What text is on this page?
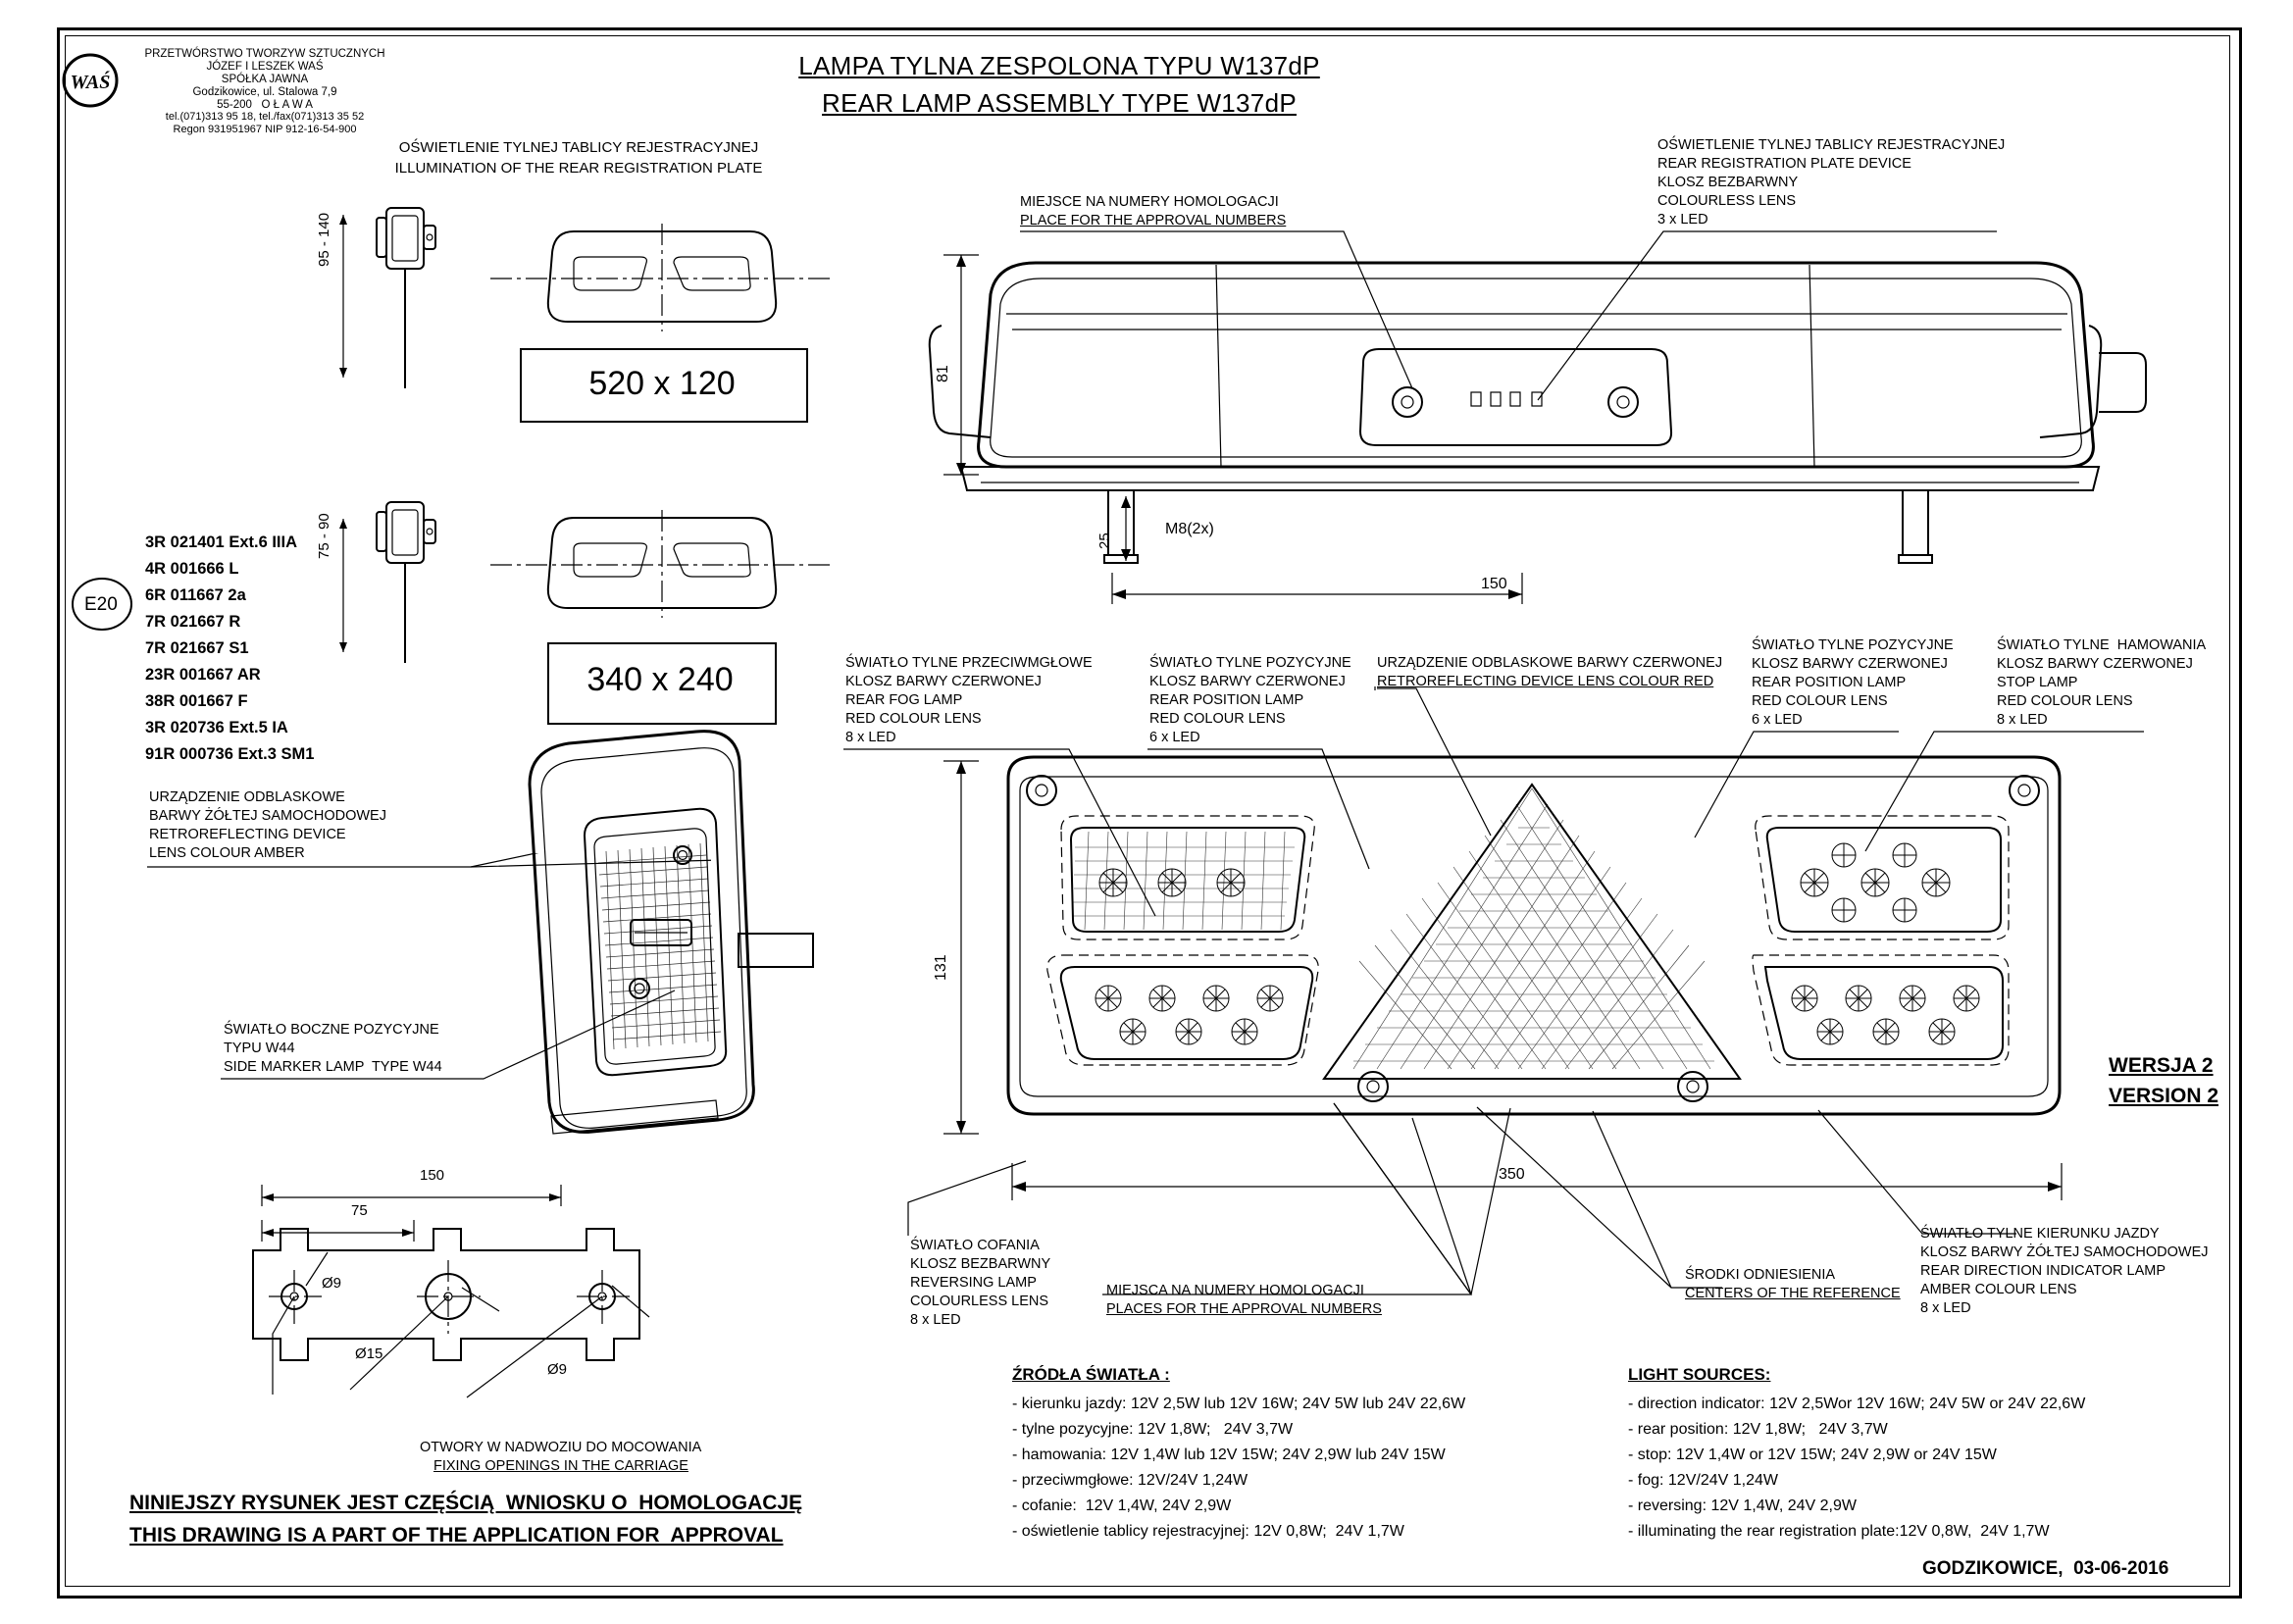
WAŚ
PRZETWÓRSTWO TWORZYW SZTUCZNYCH
JÓZEF I LESZEK WAŚ
SPÓŁKA JAWNA
Godzikowice, ul. Stalowa 7,9
55-200   O Ł A W A
tel.(071)313 95 18, tel./fax(071)313 35 52
Regon 931951967 NIP 912-16-54-900
LAMPA TYLNA ZESPOLONA TYPU W137dP
REAR LAMP ASSEMBLY TYPE W137dP
OŚWIETLENIE TYLNEJ TABLICY REJESTRACYJNEJ
ILLUMINATION OF THE REAR REGISTRATION PLATE
95 - 140
520 x 120
75 - 90
340 x 240
E20
3R 021401 Ext.6 IIIA
4R 001666 L
6R 011667 2a
7R 021667 R
7R 021667 S1
23R 001667 AR
38R 001667 F
3R 020736 Ext.5 IA
91R 000736 Ext.3 SM1
URZĄDZENIE ODBLASKOWE
BARWY ŻÓŁTEJ SAMOCHODOWEJ
RETROREFLECTING DEVICE
LENS COLOUR AMBER
ŚWIATŁO BOCZNE POZYCYJNE
TYPU W44
SIDE MARKER LAMP  TYPE W44
150
75
Ø9
Ø15
Ø9
OTWORY W NADWOZIU DO MOCOWANIA
FIXING OPENINGS IN THE CARRIAGE
NINIEJSZY RYSUNEK JEST CZĘŚCIĄ  WNIOSKU O  HOMOLOGACJĘ
THIS DRAWING IS A PART OF THE APPLICATION FOR  APPROVAL
81
25
M8(2x)
150
MIEJSCE NA NUMERY HOMOLOGACJI
PLACE FOR THE APPROVAL NUMBERS
OŚWIETLENIE TYLNEJ TABLICY REJESTRACYJNEJ
REAR REGISTRATION PLATE DEVICE
KLOSZ BEZBARWNY
COLOURLESS LENS
3 x LED
ŚWIATŁO TYLNE PRZECIWMGŁOWE
KLOSZ BARWY CZERWONEJ
REAR FOG LAMP
RED COLOUR LENS
8 x LED
ŚWIATŁO TYLNE POZYCYJNE
KLOSZ BARWY CZERWONEJ
REAR POSITION LAMP
RED COLOUR LENS
6 x LED
URZĄDZENIE ODBLASKOWE BARWY CZERWONEJ
RETROREFLECTING DEVICE LENS COLOUR RED
ŚWIATŁO TYLNE POZYCYJNE
KLOSZ BARWY CZERWONEJ
REAR POSITION LAMP
RED COLOUR LENS
6 x LED
ŚWIATŁO TYLNE  HAMOWANIA
KLOSZ BARWY CZERWONEJ
STOP LAMP
RED COLOUR LENS
8 x LED
131
350
WERSJA 2
VERSION 2
ŚWIATŁO COFANIA
KLOSZ BEZBARWNY
REVERSING LAMP
COLOURLESS LENS
8 x LED
MIEJSCA NA NUMERY HOMOLOGACJI
PLACES FOR THE APPROVAL NUMBERS
ŚRODKI ODNIESIENIA
CENTERS OF THE REFERENCE
ŚWIATŁO TYLNE KIERUNKU JAZDY
KLOSZ BARWY ŻÓŁTEJ SAMOCHODOWEJ
REAR DIRECTION INDICATOR LAMP
AMBER COLOUR LENS
8 x LED
ŹRÓDŁA ŚWIATŁA :
- kierunku jazdy: 12V 2,5W lub 12V 16W; 24V 5W lub 24V 22,6W
- tylne pozycyjne: 12V 1,8W;   24V 3,7W
- hamowania: 12V 1,4W lub 12V 15W; 24V 2,9W lub 24V 15W
- przeciwmgłowe: 12V/24V 1,24W
- cofanie:  12V 1,4W, 24V 2,9W
- oświetlenie tablicy rejestracyjnej: 12V 0,8W;  24V 1,7W
LIGHT SOURCES:
- direction indicator: 12V 2,5Wor 12V 16W; 24V 5W or 24V 22,6W
- rear position: 12V 1,8W;   24V 3,7W
- stop: 12V 1,4W or 12V 15W; 24V 2,9W or 24V 15W
- fog: 12V/24V 1,24W
- reversing: 12V 1,4W, 24V 2,9W
- illuminating the rear registration plate:12V 0,8W,  24V 1,7W
GODZIKOWICE,  03-06-2016
